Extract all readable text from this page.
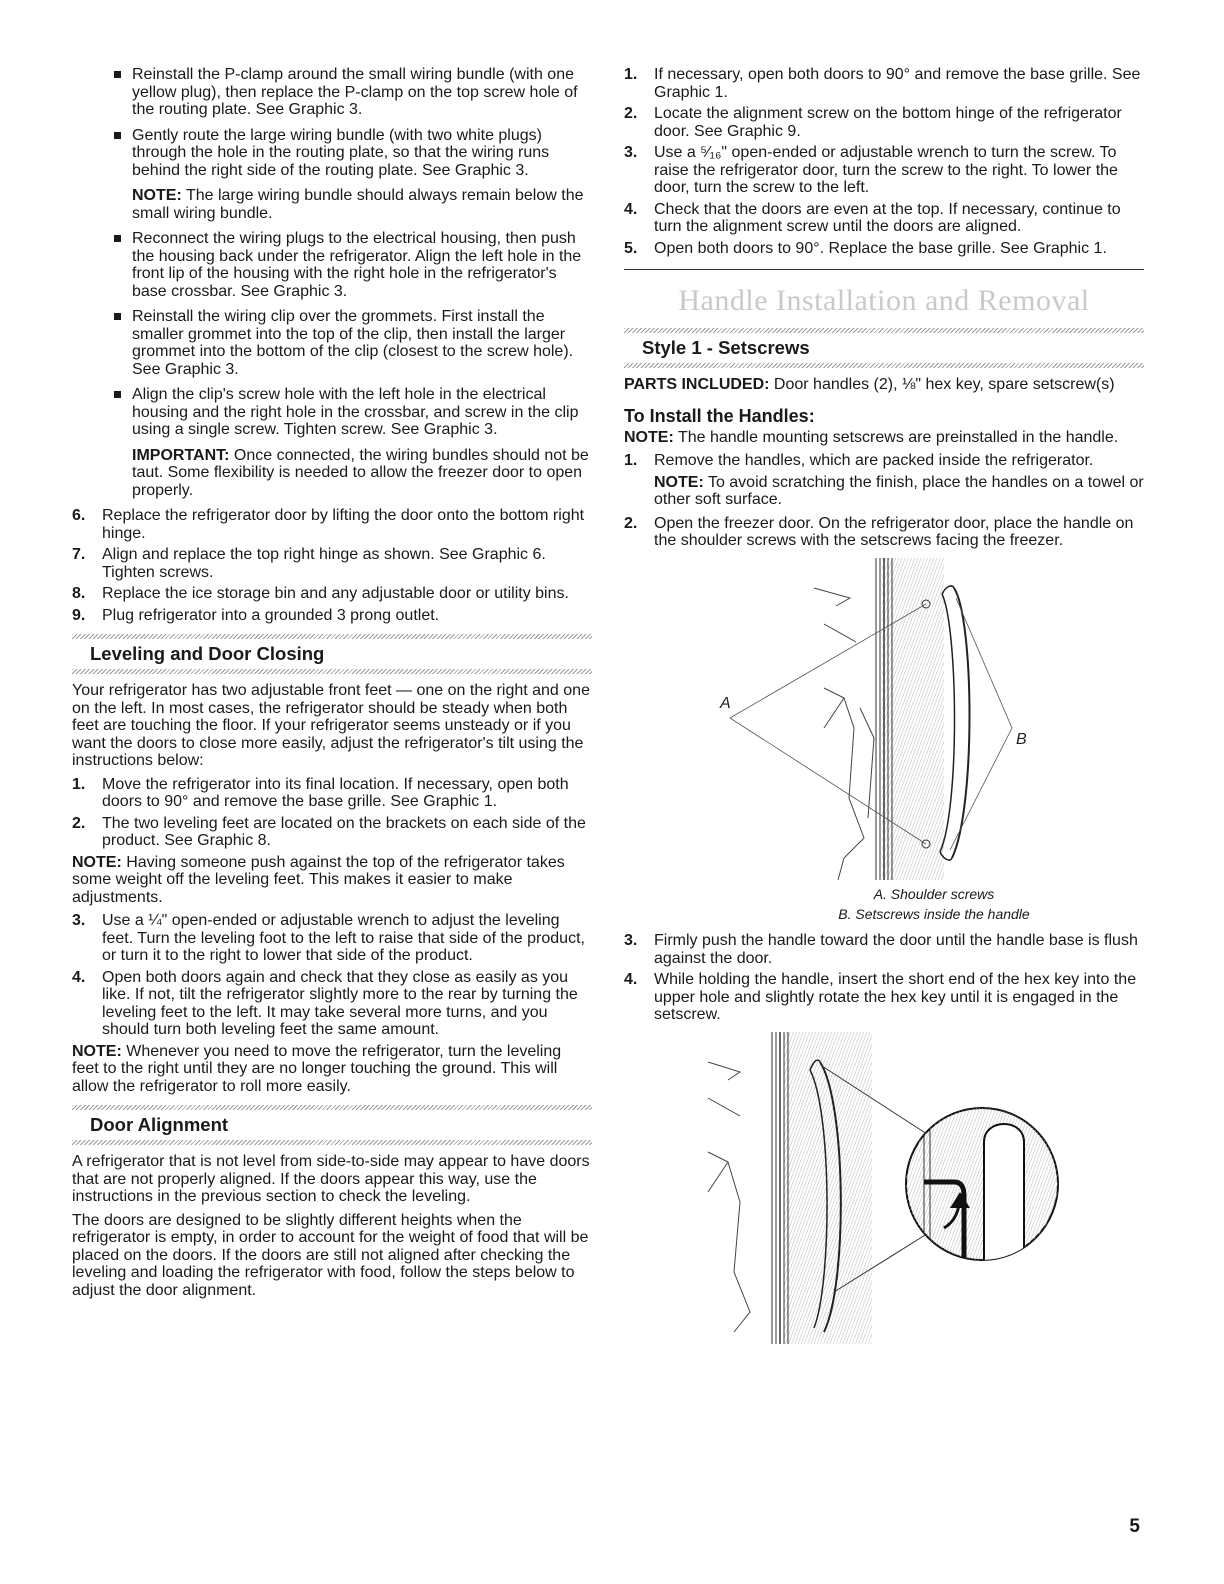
Reinstall the P-clamp around the small wiring bundle (with one yellow plug), then replace the P-clamp on the top screw hole of the routing plate. See Graphic 3.
Gently route the large wiring bundle (with two white plugs) through the hole in the routing plate, so that the wiring runs behind the right side of the routing plate. See Graphic 3.
NOTE: The large wiring bundle should always remain below the small wiring bundle.
Reconnect the wiring plugs to the electrical housing, then push the housing back under the refrigerator. Align the left hole in the front lip of the housing with the right hole in the refrigerator's base crossbar. See Graphic 3.
Reinstall the wiring clip over the grommets. First install the smaller grommet into the top of the clip, then install the larger grommet into the bottom of the clip (closest to the screw hole). See Graphic 3.
Align the clip's screw hole with the left hole in the electrical housing and the right hole in the crossbar, and screw in the clip using a single screw. Tighten screw. See Graphic 3.
IMPORTANT: Once connected, the wiring bundles should not be taut. Some flexibility is needed to allow the freezer door to open properly.
6. Replace the refrigerator door by lifting the door onto the bottom right hinge.
7. Align and replace the top right hinge as shown. See Graphic 6. Tighten screws.
8. Replace the ice storage bin and any adjustable door or utility bins.
9. Plug refrigerator into a grounded 3 prong outlet.
Leveling and Door Closing
Your refrigerator has two adjustable front feet — one on the right and one on the left. In most cases, the refrigerator should be steady when both feet are touching the floor. If your refrigerator seems unsteady or if you want the doors to close more easily, adjust the refrigerator's tilt using the instructions below:
1. Move the refrigerator into its final location. If necessary, open both doors to 90° and remove the base grille. See Graphic 1.
2. The two leveling feet are located on the brackets on each side of the product. See Graphic 8.
NOTE: Having someone push against the top of the refrigerator takes some weight off the leveling feet. This makes it easier to make adjustments.
3. Use a ¼" open-ended or adjustable wrench to adjust the leveling feet. Turn the leveling foot to the left to raise that side of the product, or turn it to the right to lower that side of the product.
4. Open both doors again and check that they close as easily as you like. If not, tilt the refrigerator slightly more to the rear by turning the leveling feet to the left. It may take several more turns, and you should turn both leveling feet the same amount.
NOTE: Whenever you need to move the refrigerator, turn the leveling feet to the right until they are no longer touching the ground. This will allow the refrigerator to roll more easily.
Door Alignment
A refrigerator that is not level from side-to-side may appear to have doors that are not properly aligned. If the doors appear this way, use the instructions in the previous section to check the leveling.
The doors are designed to be slightly different heights when the refrigerator is empty, in order to account for the weight of food that will be placed on the doors. If the doors are still not aligned after checking the leveling and loading the refrigerator with food, follow the steps below to adjust the door alignment.
1. If necessary, open both doors to 90° and remove the base grille. See Graphic 1.
2. Locate the alignment screw on the bottom hinge of the refrigerator door. See Graphic 9.
3. Use a ⁵⁄₁₆" open-ended or adjustable wrench to turn the screw. To raise the refrigerator door, turn the screw to the right. To lower the door, turn the screw to the left.
4. Check that the doors are even at the top. If necessary, continue to turn the alignment screw until the doors are aligned.
5. Open both doors to 90°. Replace the base grille. See Graphic 1.
Handle Installation and Removal
Style 1 - Setscrews
PARTS INCLUDED: Door handles (2), ⅛" hex key, spare setscrew(s)
To Install the Handles:
NOTE: The handle mounting setscrews are preinstalled in the handle.
1. Remove the handles, which are packed inside the refrigerator.
NOTE: To avoid scratching the finish, place the handles on a towel or other soft surface.
2. Open the freezer door. On the refrigerator door, place the handle on the shoulder screws with the setscrews facing the freezer.
A
B
A. Shoulder screws
B. Setscrews inside the handle
3. Firmly push the handle toward the door until the handle base is flush against the door.
4. While holding the handle, insert the short end of the hex key into the upper hole and slightly rotate the hex key until it is engaged in the setscrew.
5
